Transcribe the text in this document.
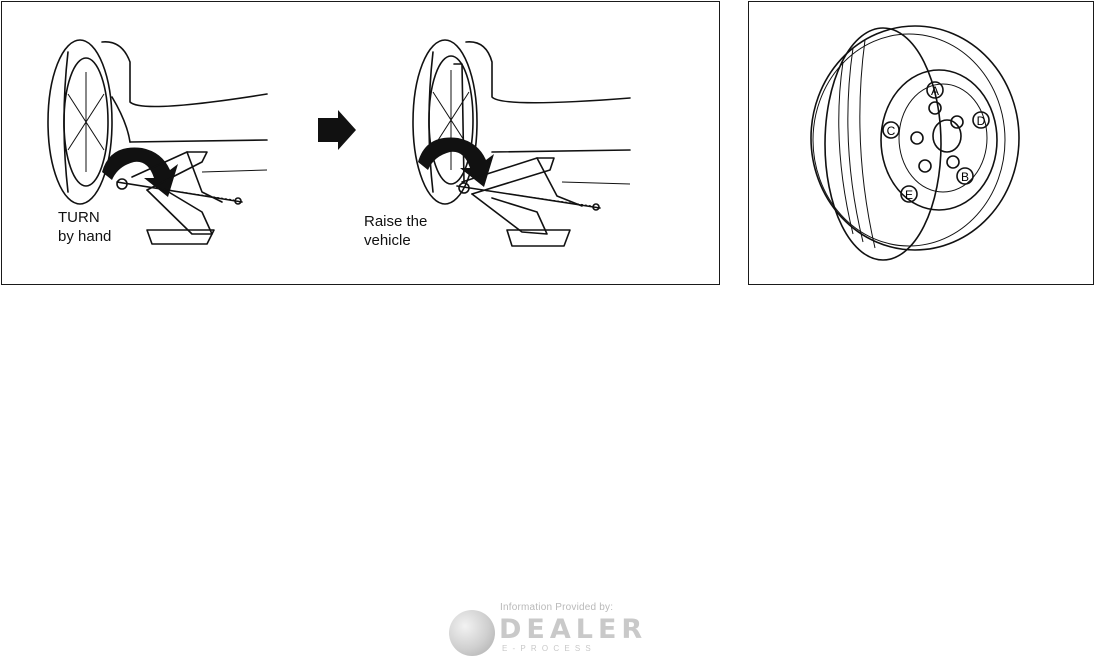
TURN
by hand
Raise the
vehicle
A
B
C
D
E
Information Provided by:
DEALER
E-PROCESS
